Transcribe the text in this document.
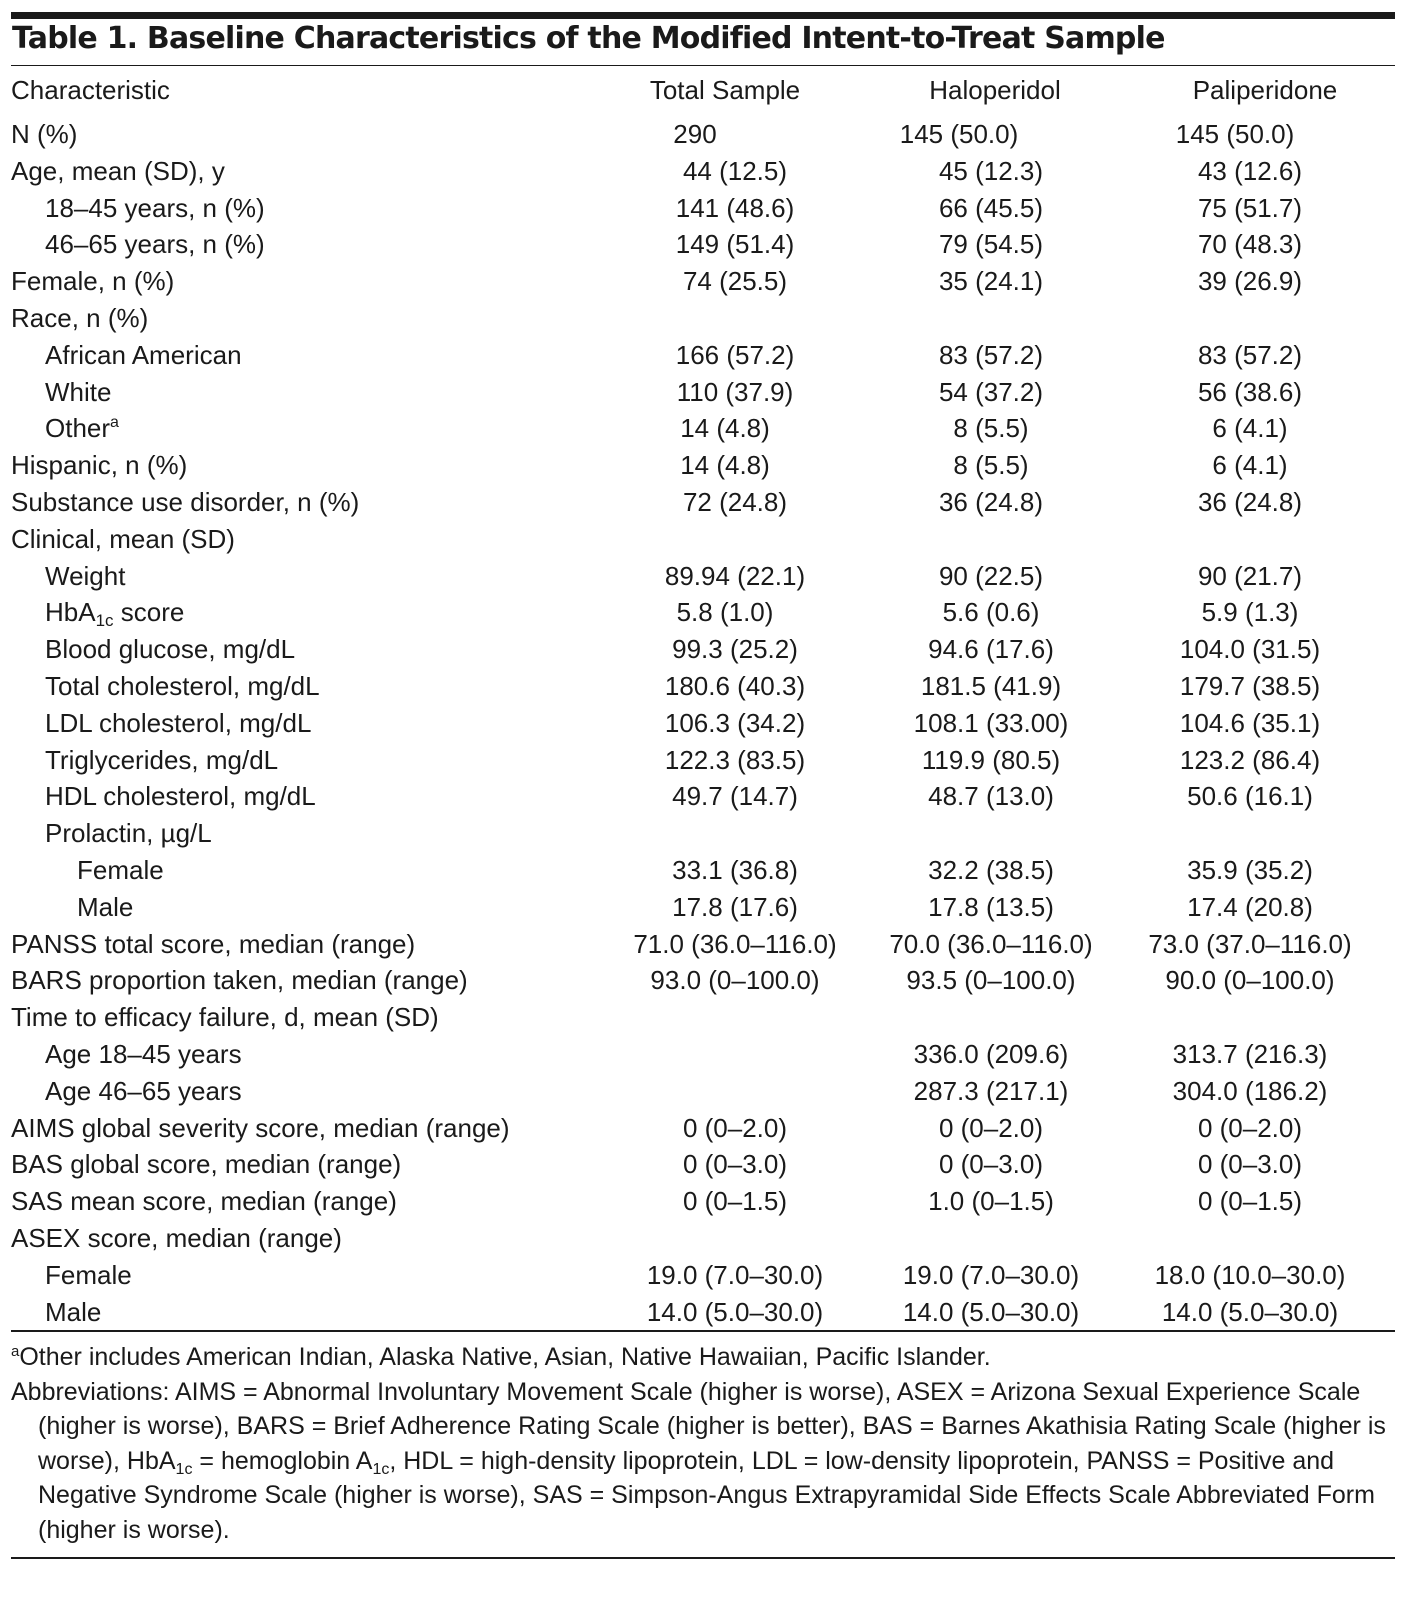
Table 1. Baseline Characteristics of the Modified Intent-to-Treat Sample
Characteristic	Total Sample	Haloperidol	Paliperidone
N (%)	290	145 (50.0)	145 (50.0)
Age, mean (SD), y	44 (12.5)	45 (12.3)	43 (12.6)
18–45 years, n (%)	141 (48.6)	66 (45.5)	75 (51.7)
46–65 years, n (%)	149 (51.4)	79 (54.5)	70 (48.3)
Female, n (%)	74 (25.5)	35 (24.1)	39 (26.9)
Race, n (%)			
African American	166 (57.2)	83 (57.2)	83 (57.2)
White	110 (37.9)	54 (37.2)	56 (38.6)
Other$^a$	14 (4.8)	8 (5.5)	6 (4.1)
Hispanic, n (%)	14 (4.8)	8 (5.5)	6 (4.1)
Substance use disorder, n (%)	72 (24.8)	36 (24.8)	36 (24.8)
Clinical, mean (SD)			
Weight	89.94 (22.1)	90 (22.5)	90 (21.7)
HbA$_{1c}$ score	5.8 (1.0)	5.6 (0.6)	5.9 (1.3)
Blood glucose, mg/dL	99.3 (25.2)	94.6 (17.6)	104.0 (31.5)
Total cholesterol, mg/dL	180.6 (40.3)	181.5 (41.9)	179.7 (38.5)
LDL cholesterol, mg/dL	106.3 (34.2)	108.1 (33.00)	104.6 (35.1)
Triglycerides, mg/dL	122.3 (83.5)	119.9 (80.5)	123.2 (86.4)
HDL cholesterol, mg/dL	49.7 (14.7)	48.7 (13.0)	50.6 (16.1)
Prolactin, µg/L			
Female	33.1 (36.8)	32.2 (38.5)	35.9 (35.2)
Male	17.8 (17.6)	17.8 (13.5)	17.4 (20.8)
PANSS total score, median (range)	71.0 (36.0–116.0)	70.0 (36.0–116.0)	73.0 (37.0–116.0)
BARS proportion taken, median (range)	93.0 (0–100.0)	93.5 (0–100.0)	90.0 (0–100.0)
Time to efficacy failure, d, mean (SD)			
Age 18–45 years		336.0 (209.6)	313.7 (216.3)
Age 46–65 years		287.3 (217.1)	304.0 (186.2)
AIMS global severity score, median (range)	0 (0–2.0)	0 (0–2.0)	0 (0–2.0)
BAS global score, median (range)	0 (0–3.0)	0 (0–3.0)	0 (0–3.0)
SAS mean score, median (range)	0 (0–1.5)	1.0 (0–1.5)	0 (0–1.5)
ASEX score, median (range)			
Female	19.0 (7.0–30.0)	19.0 (7.0–30.0)	18.0 (10.0–30.0)
Male	14.0 (5.0–30.0)	14.0 (5.0–30.0)	14.0 (5.0–30.0)

$^a$Other includes American Indian, Alaska Native, Asian, Native Hawaiian, Pacific Islander.

Abbreviations: AIMS = Abnormal Involuntary Movement Scale (higher is worse), ASEX = Arizona Sexual Experience Scale (higher is worse), BARS = Brief Adherence Rating Scale (higher is better), BAS = Barnes Akathisia Rating Scale (higher is worse), HbA$_{1c}$ = hemoglobin $A_{1c}$, HDL = high-density lipoprotein, LDL = low-density lipoprotein, PANSS = Positive and Negative Syndrome Scale (higher is worse), SAS = Simpson-Angus Extrapyramidal Side Effects Scale Abbreviated Form (higher is worse).
